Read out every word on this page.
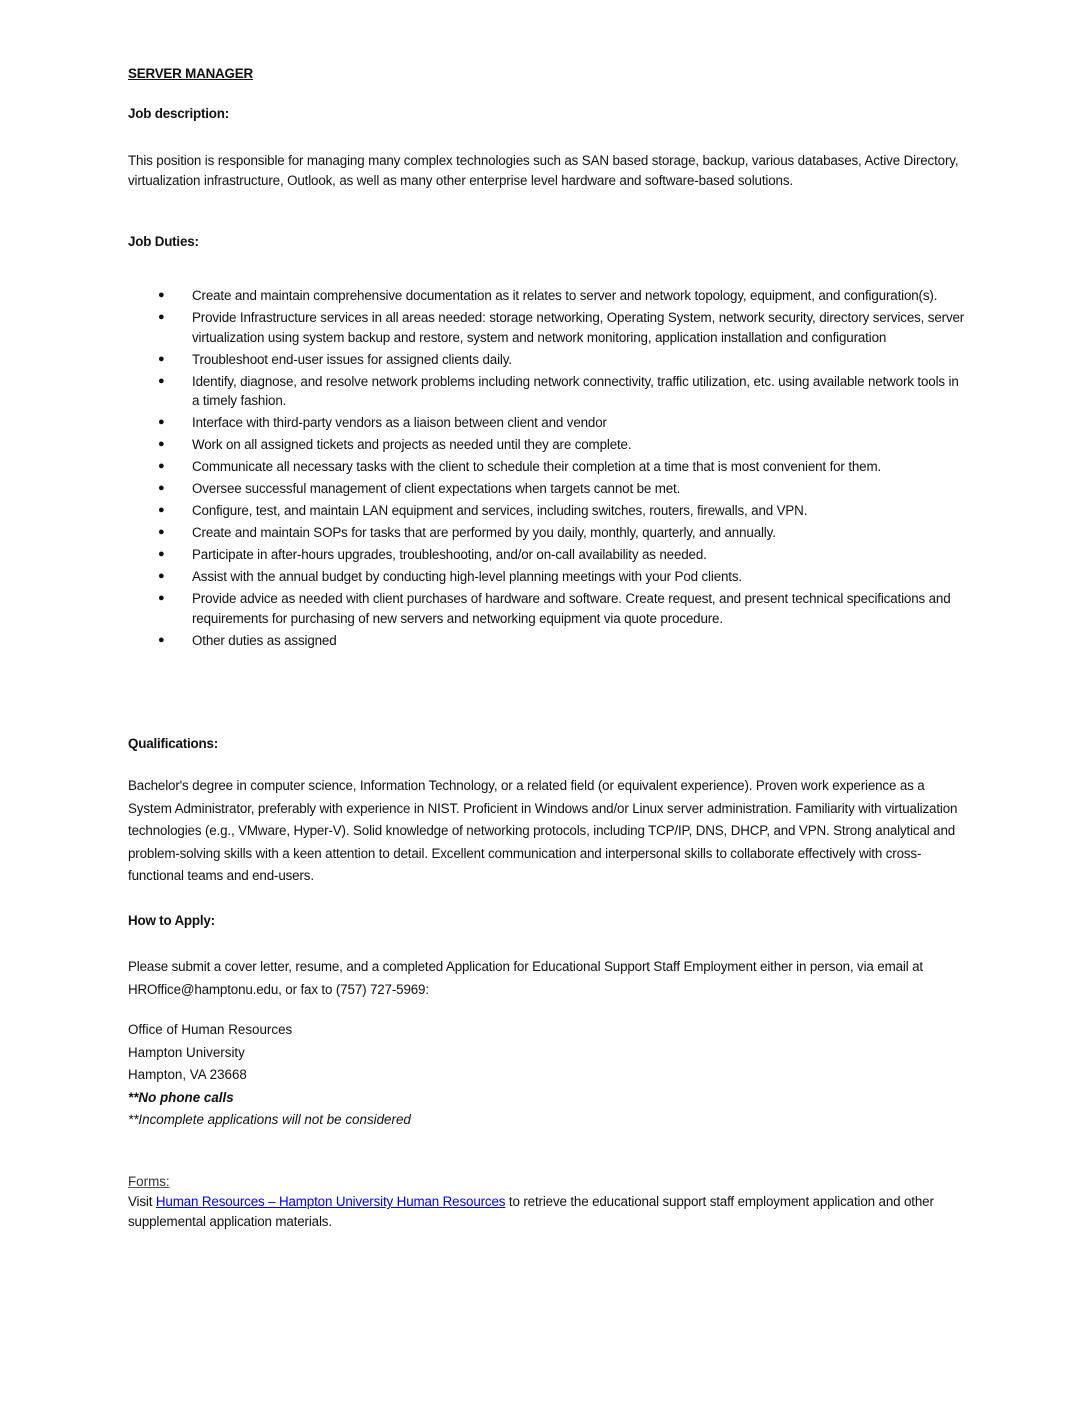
SERVER MANAGER
Job description:
This position is responsible for managing many complex technologies such as SAN based storage, backup, various databases, Active Directory, virtualization infrastructure, Outlook, as well as many other enterprise level hardware and software-based solutions.
Job Duties:
● Create and maintain comprehensive documentation as it relates to server and network topology, equipment, and configuration(s).
● Provide Infrastructure services in all areas needed: storage networking, Operating System, network security, directory services, server virtualization using system backup and restore, system and network monitoring, application installation and configuration
● Troubleshoot end-user issues for assigned clients daily.
● Identify, diagnose, and resolve network problems including network connectivity, traffic utilization, etc. using available network tools in a timely fashion.
● Interface with third-party vendors as a liaison between client and vendor
● Work on all assigned tickets and projects as needed until they are complete.
● Communicate all necessary tasks with the client to schedule their completion at a time that is most convenient for them.
● Oversee successful management of client expectations when targets cannot be met.
● Configure, test, and maintain LAN equipment and services, including switches, routers, firewalls, and VPN.
● Create and maintain SOPs for tasks that are performed by you daily, monthly, quarterly, and annually.
● Participate in after-hours upgrades, troubleshooting, and/or on-call availability as needed.
● Assist with the annual budget by conducting high-level planning meetings with your Pod clients.
● Provide advice as needed with client purchases of hardware and software. Create request, and present technical specifications and requirements for purchasing of new servers and networking equipment via quote procedure.
● Other duties as assigned
Qualifications:
Bachelor's degree in computer science, Information Technology, or a related field (or equivalent experience). Proven work experience as a System Administrator, preferably with experience in NIST. Proficient in Windows and/or Linux server administration. Familiarity with virtualization technologies (e.g., VMware, Hyper-V). Solid knowledge of networking protocols, including TCP/IP, DNS, DHCP, and VPN. Strong analytical and problem-solving skills with a keen attention to detail. Excellent communication and interpersonal skills to collaborate effectively with cross-functional teams and end-users.
How to Apply:
Please submit a cover letter, resume, and a completed Application for Educational Support Staff Employment either in person, via email at HROffice@hamptonu.edu, or fax to (757) 727-5969:
Office of Human Resources
Hampton University
Hampton, VA 23668
**No phone calls
**Incomplete applications will not be considered
Forms:
Visit Human Resources – Hampton University Human Resources to retrieve the educational support staff employment application and other supplemental application materials.
